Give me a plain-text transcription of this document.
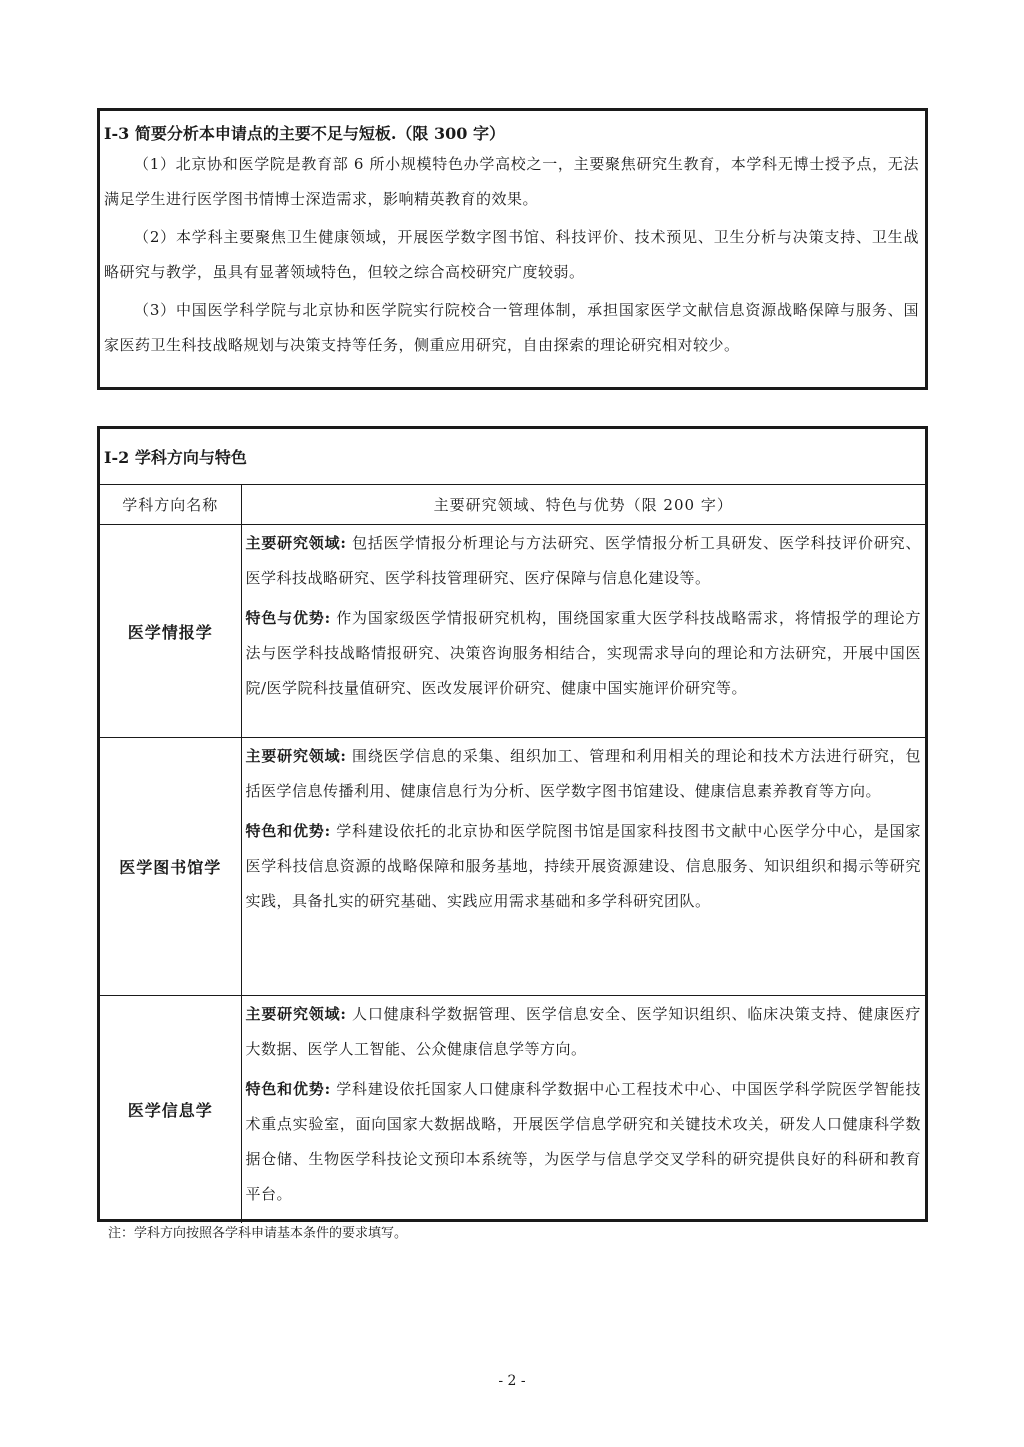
I-3 简要分析本申请点的主要不足与短板.（限 300 字）

（1）北京协和医学院是教育部 6 所小规模特色办学高校之一，主要聚焦研究生教育，本学科无博士授予点，无法满足学生进行医学图书情博士深造需求，影响精英教育的效果。

（2）本学科主要聚焦卫生健康领域，开展医学数字图书馆、科技评价、技术预见、卫生分析与决策支持、卫生战略研究与教学，虽具有显著领域特色，但较之综合高校研究广度较弱。

（3）中国医学科学院与北京协和医学院实行院校合一管理体制，承担国家医学文献信息资源战略保障与服务、国家医药卫生科技战略规划与决策支持等任务，侧重应用研究，自由探索的理论研究相对较少。

I-2 学科方向与特色	
学科方向名称	主要研究领域、特色与优势（限 200 字）
医学情报学	主要研究领域: 包括医学情报分析理论与方法研究、医学情报分析工具研发、医学科技评价研究、医学科技战略研究、医学科技管理研究、医疗保障与信息化建设等。

特色与优势: 作为国家级医学情报研究机构，围绕国家重大医学科技战略需求，将情报学的理论方法与医学科技战略情报研究、决策咨询服务相结合，实现需求导向的理论和方法研究，开展中国医院/医学院科技量值研究、医改发展评价研究、健康中国实施评价研究等。

医学图书馆学	主要研究领域: 围绕医学信息的采集、组织加工、管理和利用相关的理论和技术方法进行研究，包括医学信息传播利用、健康信息行为分析、医学数字图书馆建设、健康信息素养教育等方向。

特色和优势: 学科建设依托的北京协和医学院图书馆是国家科技图书文献中心医学分中心，是国家医学科技信息资源的战略保障和服务基地，持续开展资源建设、信息服务、知识组织和揭示等研究实践，具备扎实的研究基础、实践应用需求基础和多学科研究团队。

医学信息学	主要研究领域: 人口健康科学数据管理、医学信息安全、医学知识组织、临床决策支持、健康医疗大数据、医学人工智能、公众健康信息学等方向。

特色和优势: 学科建设依托国家人口健康科学数据中心工程技术中心、中国医学科学院医学智能技术重点实验室，面向国家大数据战略，开展医学信息学研究和关键技术攻关，研发人口健康科学数据仓储、生物医学科技论文预印本系统等，为医学与信息学交叉学科的研究提供良好的科研和教育平台。

注：学科方向按照各学科申请基本条件的要求填写。
- 2 -
